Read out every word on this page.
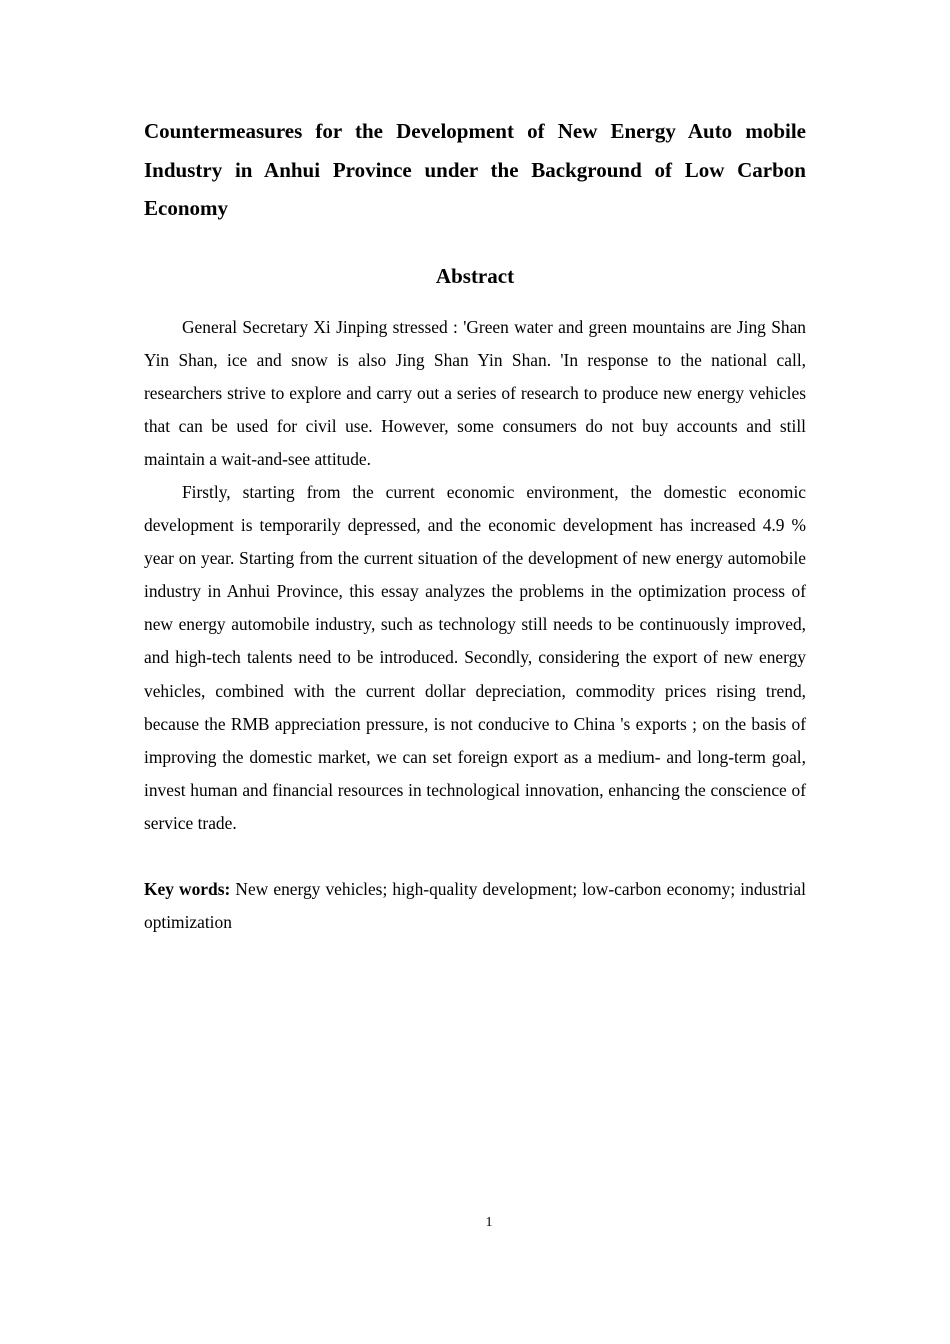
Countermeasures for the Development of New Energy Auto mobile Industry in Anhui Province under the Background of Low Carbon Economy
Abstract

General Secretary Xi Jinping stressed : 'Green water and green mountains are Jing Shan Yin Shan, ice and snow is also Jing Shan Yin Shan. 'In response to the national call, researchers strive to explore and carry out a series of research to produce new energy vehicles that can be used for civil use. However, some consumers do not buy accounts and still maintain a wait-and-see attitude.

Firstly, starting from the current economic environment, the domestic economic development is temporarily depressed, and the economic development has increased 4.9 % year on year. Starting from the current situation of the development of new energy automobile industry in Anhui Province, this essay analyzes the problems in the optimization process of new energy automobile industry, such as technology still needs to be continuously improved, and high-tech talents need to be introduced. Secondly, considering the export of new energy vehicles, combined with the current dollar depreciation, commodity prices rising trend, because the RMB appreciation pressure, is not conducive to China 's exports ; on the basis of improving the domestic market, we can set foreign export as a medium- and long-term goal, invest human and financial resources in technological innovation, enhancing the conscience of service trade.

Key words: New energy vehicles; high-quality development; low-carbon economy; industrial optimization

1
